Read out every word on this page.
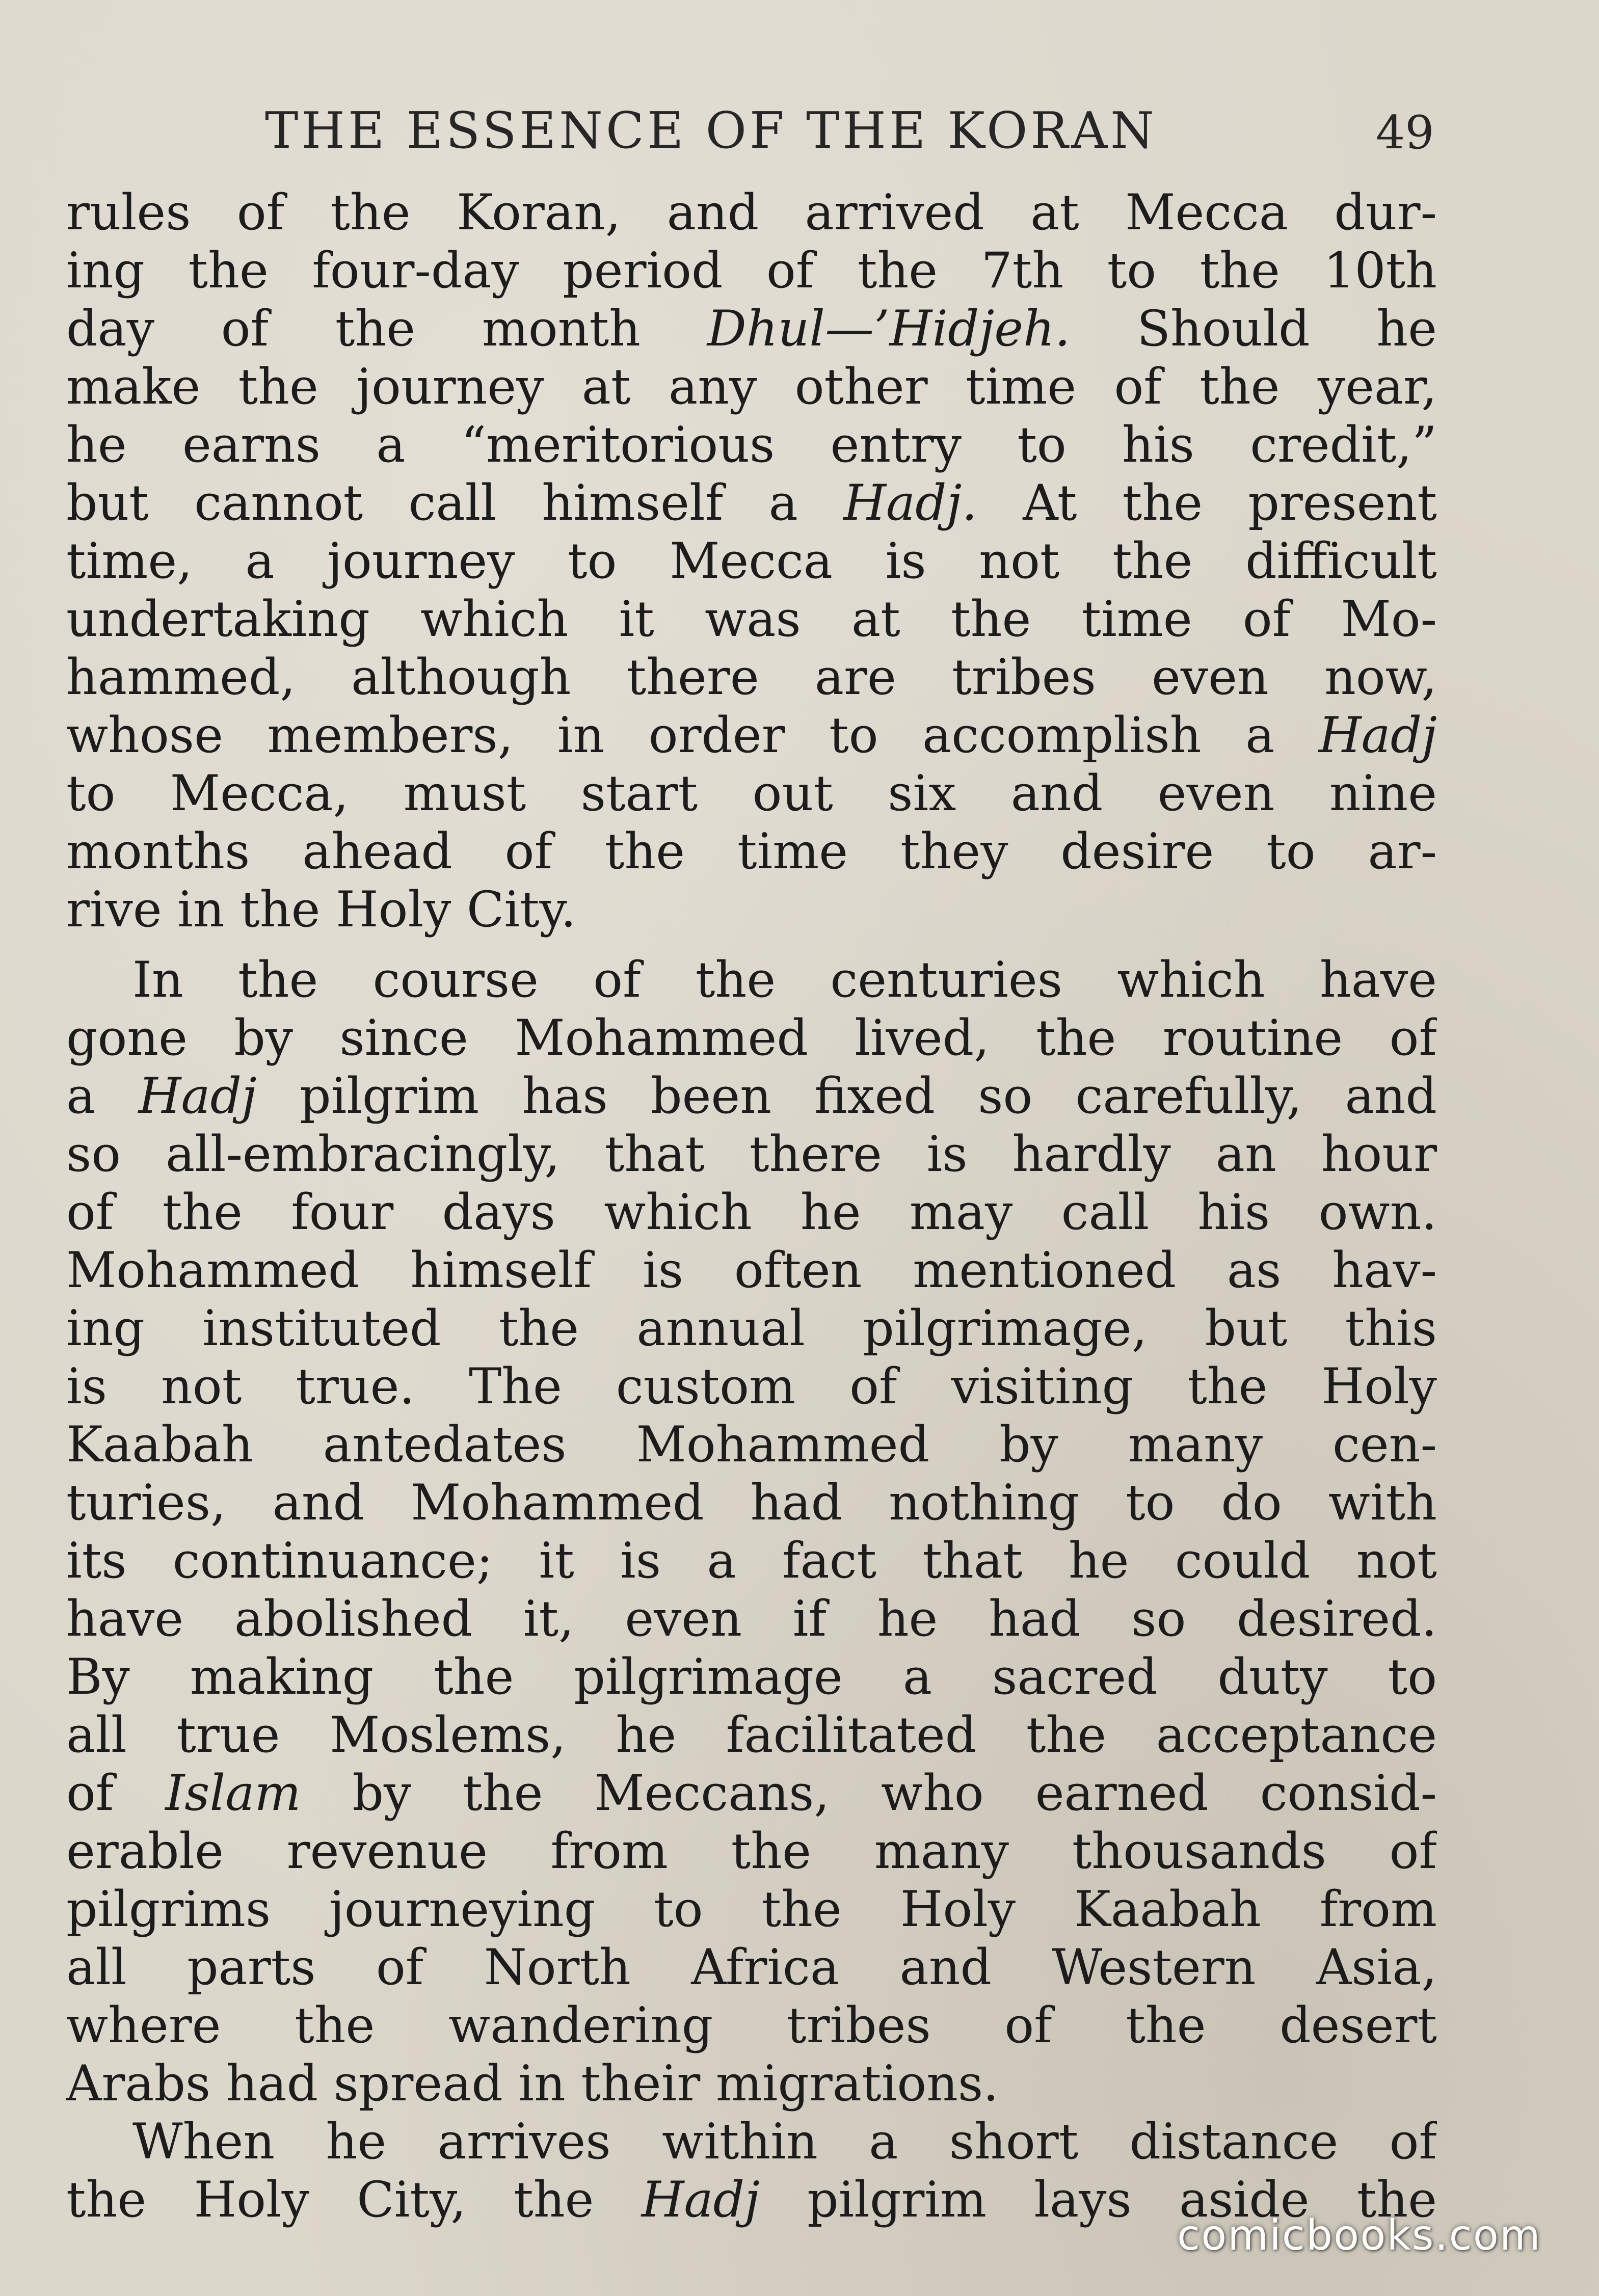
THE ESSENCE OF THE KORAN	49
rules of the Koran, and arrived at Mecca dur-
ing the four-day period of the 7th to the 10th
day of the month Dhul—’Hidjeh. Should he
make the journey at any other time of the year,
he earns a “meritorious entry to his credit,”
but cannot call himself a Hadj. At the present
time, a journey to Mecca is not the difficult
undertaking which it was at the time of Mo-
hammed, although there are tribes even now,
whose members, in order to accomplish a Hadj
to Mecca, must start out six and even nine
months ahead of the time they desire to ar-
rive in the Holy City.
In the course of the centuries which have
gone by since Mohammed lived, the routine of
a Hadj pilgrim has been fixed so carefully, and
so all-embracingly, that there is hardly an hour
of the four days which he may call his own.
Mohammed himself is often mentioned as hav-
ing instituted the annual pilgrimage, but this
is not true. The custom of visiting the Holy
Kaabah antedates Mohammed by many cen-
turies, and Mohammed had nothing to do with
its continuance; it is a fact that he could not
have abolished it, even if he had so desired.
By making the pilgrimage a sacred duty to
all true Moslems, he facilitated the acceptance
of Islam by the Meccans, who earned consid-
erable revenue from the many thousands of
pilgrims journeying to the Holy Kaabah from
all parts of North Africa and Western Asia,
where the wandering tribes of the desert
Arabs had spread in their migrations.
When he arrives within a short distance of
the Holy City, the Hadj pilgrim lays aside the
comicbooks.com
